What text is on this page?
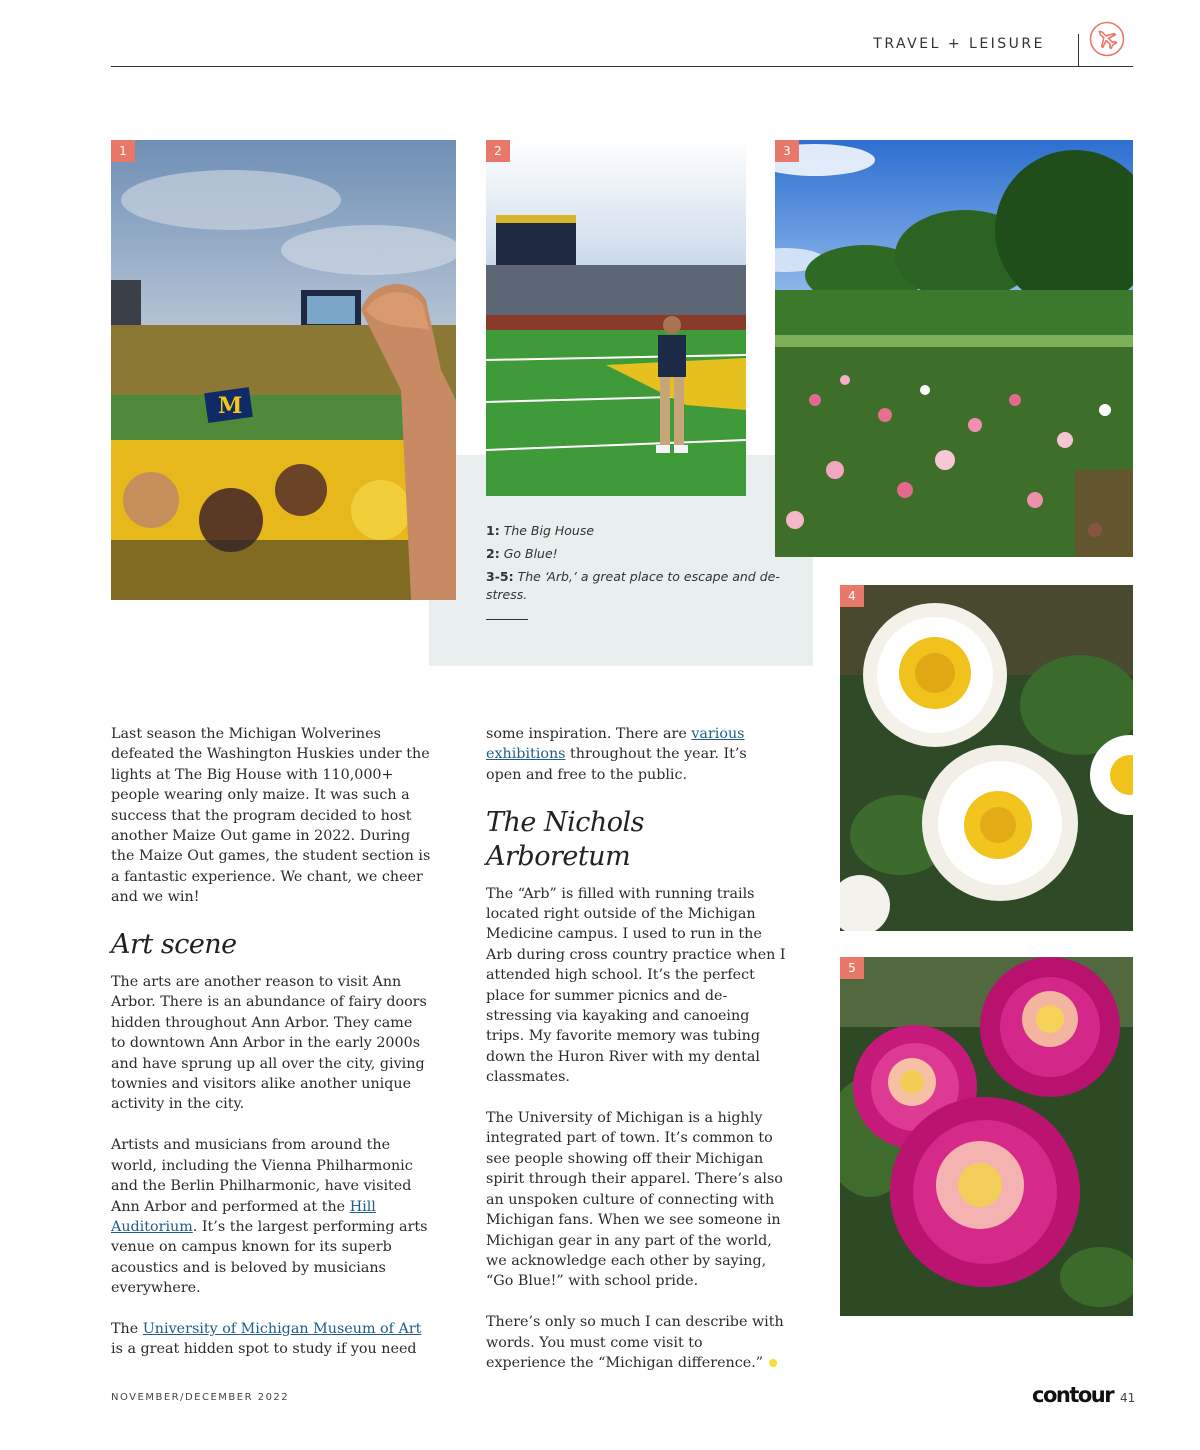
TRAVEL + LEISURE
M
1	2	3
4
5
1: The Big House
2: Go Blue!
3-5: The ‘Arb,’ a great place to escape and de-stress.

Last season the Michigan Wolverines defeated the Washington Huskies under the lights at The Big House with 110,000+ people wearing only maize. It was such a success that the program decided to host another Maize Out game in 2022. During the Maize Out games, the student section is a fantastic experience. We chant, we cheer and we win!

Art scene

The arts are another reason to visit Ann Arbor. There is an abundance of fairy doors hidden throughout Ann Arbor. They came to downtown Ann Arbor in the early 2000s and have sprung up all over the city, giving townies and visitors alike another unique activity in the city.

Artists and musicians from around the world, including the Vienna Philharmonic and the Berlin Philharmonic, have visited Ann Arbor and performed at the Hill Auditorium. It’s the largest performing arts venue on campus known for its superb acoustics and is beloved by musicians everywhere.

The University of Michigan Museum of Art is a great hidden spot to study if you need

some inspiration. There are various exhibitions throughout the year. It’s open and free to the public.

The Nichols Arboretum

The “Arb” is filled with running trails located right outside of the Michigan Medicine campus. I used to run in the Arb during cross country practice when I attended high school. It’s the perfect place for summer picnics and de-stressing via kayaking and canoeing trips. My favorite memory was tubing down the Huron River with my dental classmates.

The University of Michigan is a highly integrated part of town. It’s common to see people showing off their Michigan spirit through their apparel. There’s also an unspoken culture of connecting with Michigan fans. When we see someone in Michigan gear in any part of the world, we acknowledge each other by saying, “Go Blue!” with school pride.

There’s only so much I can describe with words. You must come visit to experience the “Michigan difference.”

NOVEMBER/DECEMBER 2022	contour 41
